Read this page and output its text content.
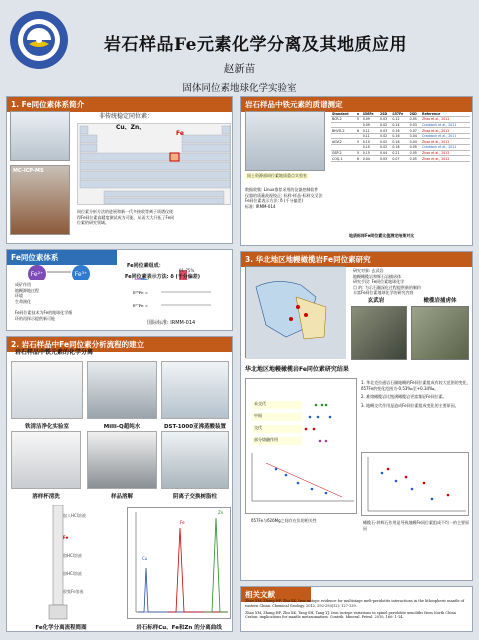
岩石样品Fe元素化学分离及其地质应用
赵新苗
固体同位素地球化学实验室
1. Fe同位素体系简介
MC-ICP-MS
非传统稳定同位素：
Cu、Zn、
Fe
同位素分析方法的进展和新一代多接收等离子质谱仪使
得Fe同位素高精度测试成为可能，从而大大开拓了Fe同
位素的研究领域。
Fe同位素体系
Fe²⁺	Fe³⁺
Fe同位素组成：
91.75%
成矿作用
地幔源地过程
环境
生命演化
Fe同位素技术为Fe的地球化学循
环的再探示提供新可能
Fe同位素表示方法: δ (千分偏差)
δ⁵⁶Fe =
δ⁵⁷Fe =
国际标准: IRMM-014
2. 岩石样品中Fe同位素分析流程的建立
岩石样品中铁元素的化学分离
铁清洁净化实验室	Milli-Q超纯水	DST-1000亚沸蒸酸装置
溶样杯清洗	样品溶解	阴离子交换树脂柱
加入HCl溶液
Fe
加HCl溶液
加HCl溶液
收集Fe溶液
Fe化学分离流程简图
Cu
Fe
Zn
岩石标样Cu、Fe和Zn 的分离曲线
岩石样品中铁元素的质谱测定
国土资源部同位素地质重点实验室
数据收集: Linux推荐采用的仪器控制软件
仪器的质量歧视校正: 标样-样品-标样交叉法
Fe同位素表示方法: δ (千分偏差)
标准: IRMM-014
Standard	n	δ56Fe	2SD	δ57Fe	2SD	Reference
BCR-2	5	0.09	0.03	0.12	0.05	Zhao et al., 2012
		0.09	0.02	0.14	0.03	Craddock et al., 2011
BHVO-2	6	0.11	0.03	0.16	0.07	Zhao et al., 2012
		0.11	0.02	0.16	0.04	Craddock et al., 2011
AGV-2	5	0.10	0.02	0.16	0.04	Zhao et al., 2012
		0.10	0.02	0.16	0.05	Craddock et al., 2011
GSP-2	5	0.15	0.04	0.21	0.05	Zhao et al., 2012
COQ-1	6	0.04	0.03	0.07	0.05	Zhao et al., 2012
地质标样Fe同位素比值测定结果对比
3. 华北地区地幔橄榄岩Fe同位素研究
研究对象: 玄武岩
地幔橄榄岩和辉石岩捕虏体
研究手段: Fe同位素地球化学
目 的: 为示石圈深化过程提供新的制约
丰富Fe同位素地球化学的研究内容
玄武岩	橄榄岩捕虏体
华北地区地幔橄榄岩Fe同位素研究结果
未交代
中间
交代
部分熔融作用
δ57Fe与δ26Mg之间存在负的相关性
1. 华北克拉通岩石圈地幔的Fe同位素组成有较大范围的变化，δ57Fe的变化范围为-0.53‰至+0.34‰。
2. 难熔橄榄岩比饱满橄榄岩更富集轻Fe同位素。
3. 地幔交代作用是造成Fe同位素组成变化的主要原因。
橄榄石-斜辉石作用是导致地幔Fe同位素组成不均一的主要原因
相关文献
Zhao XM, Zhang HF, Zhu XK, Iron isotope evidence for multistage melt-peridotite interactions in the lithospheric mantle of eastern China. Chemical Geology. 2012, 292-293(12): 127-139.
Zhao XM, Zhang HF, Zhu XK, Tang SH, Tang YJ. Iron isotope variations in spinel peridotite xenoliths from North China Craton: implications for mantle metasomatism. Contrib. Mineral. Petrol. 2010, 160: 1-14.
